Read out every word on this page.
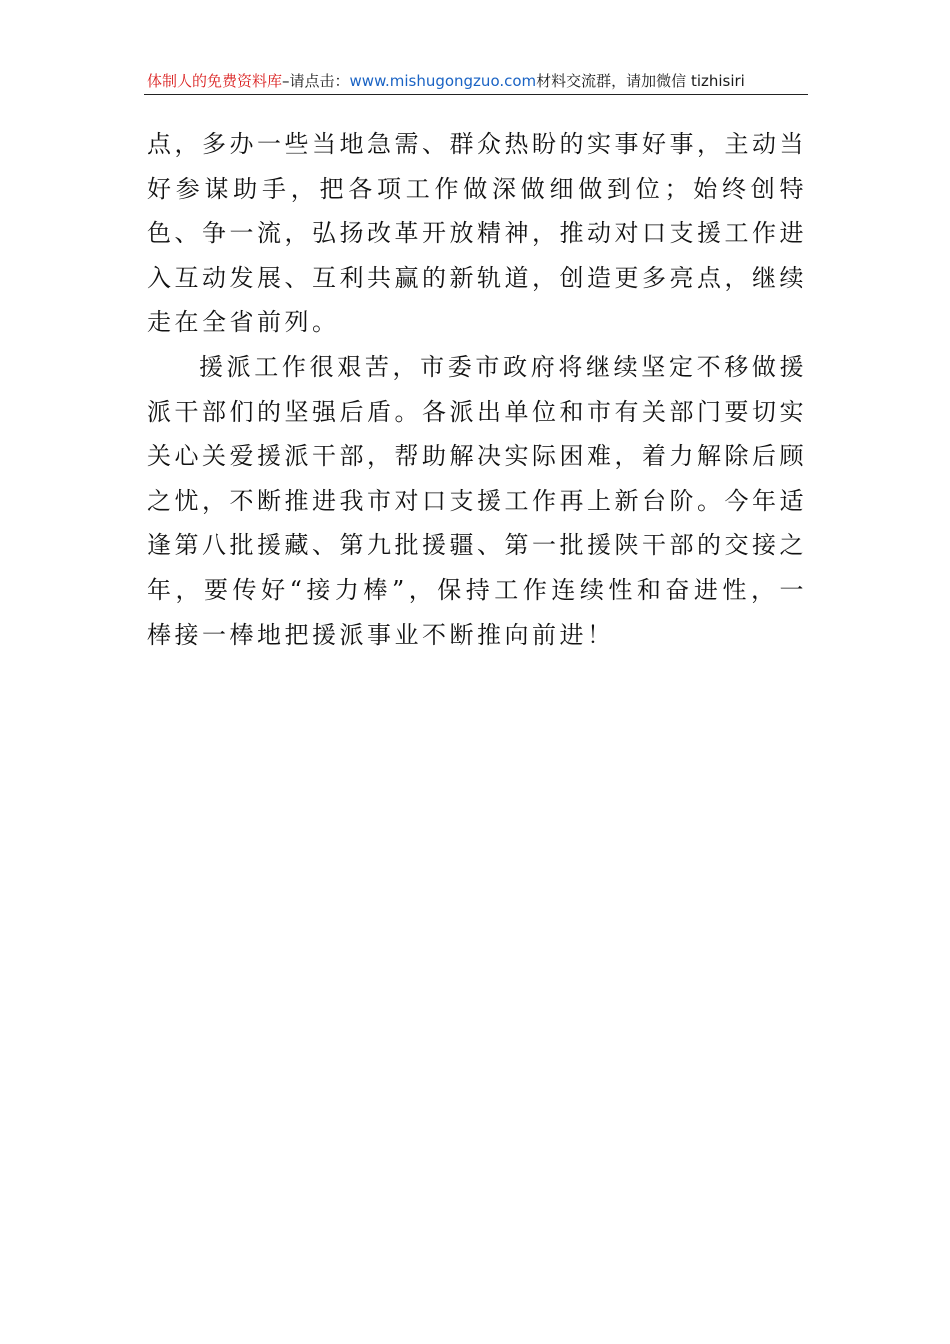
体制人的免费资料库–请点击：www.mishugongzuo.com材料交流群，请加微信 tizhisiri

点，多办一些当地急需、群众热盼的实事好事，主动当好参谋助手，把各项工作做深做细做到位；始终创特色、争一流，弘扬改革开放精神，推动对口支援工作进入互动发展、互利共赢的新轨道，创造更多亮点，继续走在全省前列。

援派工作很艰苦，市委市政府将继续坚定不移做援派干部们的坚强后盾。各派出单位和市有关部门要切实关心关爱援派干部，帮助解决实际困难，着力解除后顾之忧，不断推进我市对口支援工作再上新台阶。今年适逢第八批援藏、第九批援疆、第一批援陕干部的交接之年，要传好“接力棒”，保持工作连续性和奋进性，一棒接一棒地把援派事业不断推向前进！
